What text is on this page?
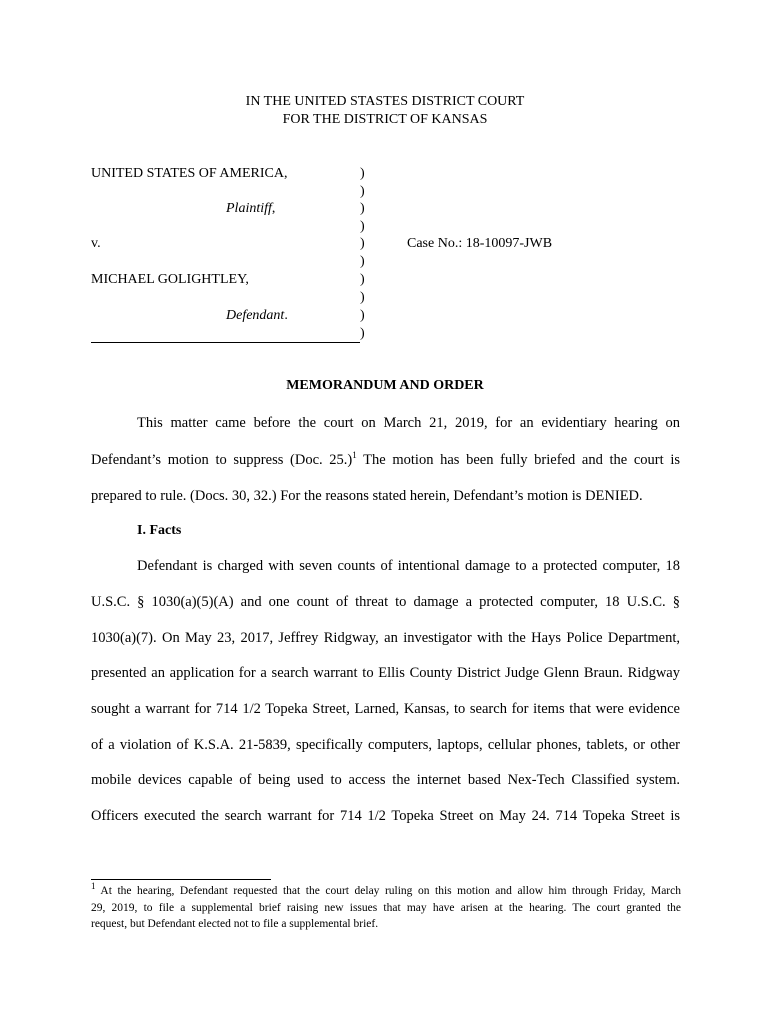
IN THE UNITED STASTES DISTRICT COURT
FOR THE DISTRICT OF KANSAS
UNITED STATES OF AMERICA,
Plaintiff,
v.
MICHAEL GOLIGHTLEY,
Defendant.
)
)
)
)
)
)
)
)
)
)
Case No.: 18-10097-JWB
MEMORANDUM AND ORDER
This matter came before the court on March 21, 2019, for an evidentiary hearing on
Defendant’s motion to suppress (Doc. 25.)$^1$ The motion has been fully briefed and the court is
prepared to rule. (Docs. 30, 32.) For the reasons stated herein, Defendant’s motion is DENIED.
I. Facts
Defendant is charged with seven counts of intentional damage to a protected computer, 18
U.S.C. § 1030(a)(5)(A) and one count of threat to damage a protected computer, 18 U.S.C. §
1030(a)(7). On May 23, 2017, Jeffrey Ridgway, an investigator with the Hays Police Department,
presented an application for a search warrant to Ellis County District Judge Glenn Braun. Ridgway
sought a warrant for 714 1/2 Topeka Street, Larned, Kansas, to search for items that were evidence
of a violation of K.S.A. 21-5839, specifically computers, laptops, cellular phones, tablets, or other
mobile devices capable of being used to access the internet based Nex-Tech Classified system.
Officers executed the search warrant for 714 1/2 Topeka Street on May 24. 714 Topeka Street is
$^1$ At the hearing, Defendant requested that the court delay ruling on this motion and allow him through Friday, March
29, 2019, to file a supplemental brief raising new issues that may have arisen at the hearing. The court granted the
request, but Defendant elected not to file a supplemental brief.
